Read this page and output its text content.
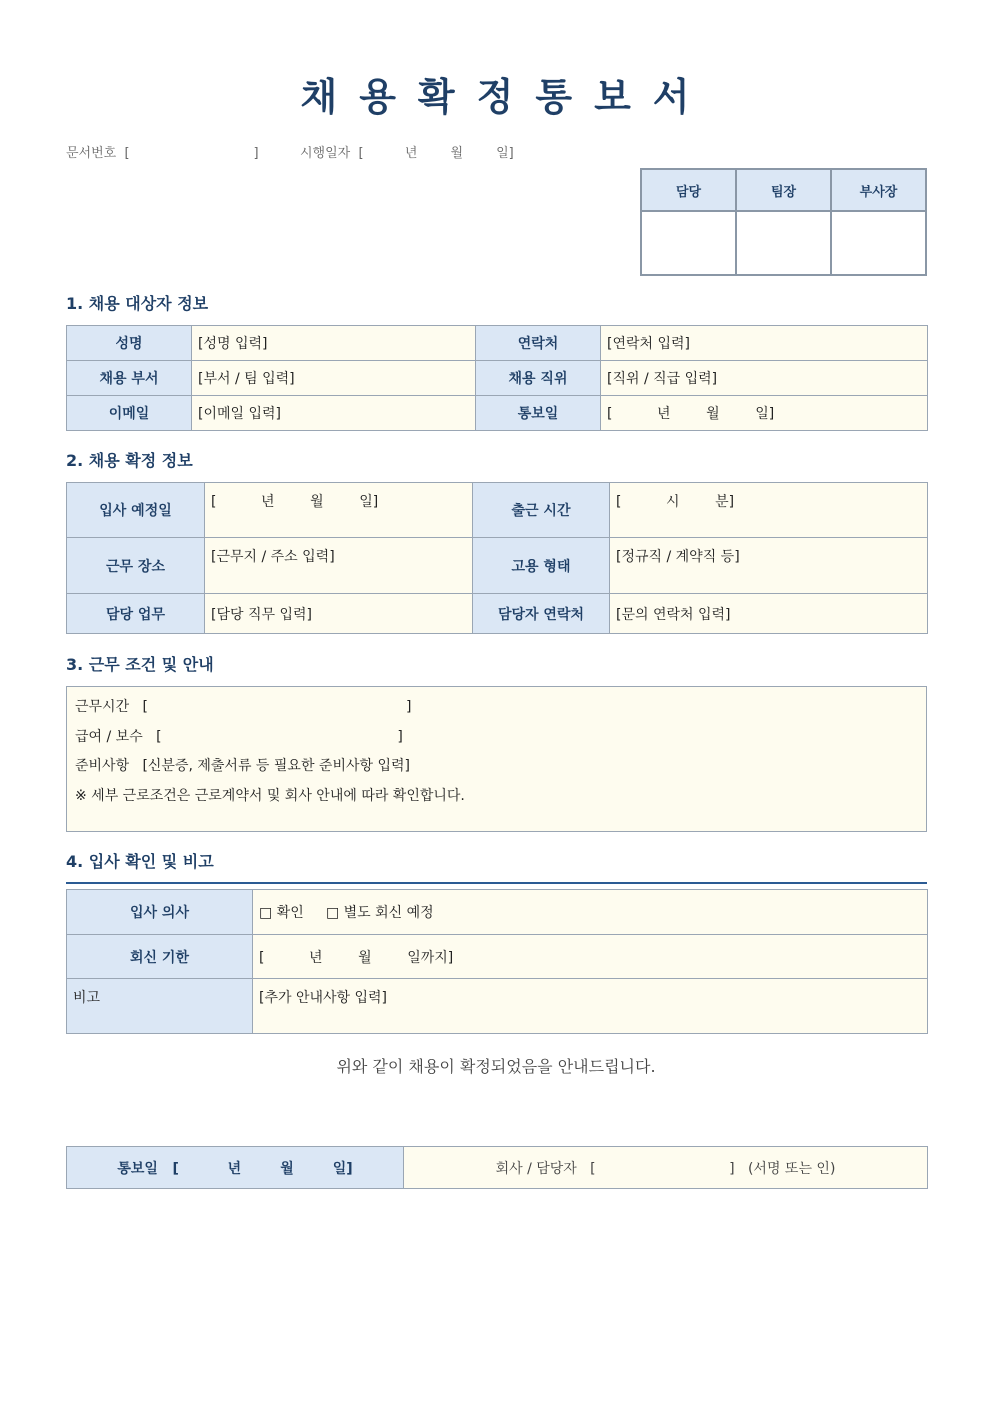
채 용 확 정 통 보 서
문서번호 [                              ]	시행일자 [          년        월        일]
담당	팀장	부사장

1. 채용 대상자 정보
성명	[성명 입력]	연락처	[연락처 입력]
채용 부서	[부서 / 팀 입력]	채용 직위	[직위 / 직급 입력]
이메일	[이메일 입력]	통보일	[          년        월        일]
2. 채용 확정 정보
입사 예정일	[          년        월        일]	출근 시간	[          시        분]
근무 장소	[근무지 / 주소 입력]	고용 형태	[정규직 / 계약직 등]
담당 업무	[담당 직무 입력]	담당자 연락처	[문의 연락처 입력]
3. 근무 조건 및 안내
근무시간   [                                                          ]
급여 / 보수   [                                                     ]
준비사항   [신분증, 제출서류 등 필요한 준비사항 입력]
※ 세부 근로조건은 근로계약서 및 회사 안내에 따라 확인합니다.
4. 입사 확인 및 비고
입사 의사	□ 확인     □ 별도 회신 예정
회신 기한	[          년        월        일까지]
비고	[추가 안내사항 입력]
위와 같이 채용이 확정되었음을 안내드립니다.
통보일   [          년        월        일]	회사 / 담당자   [                              ]   (서명 또는 인)
